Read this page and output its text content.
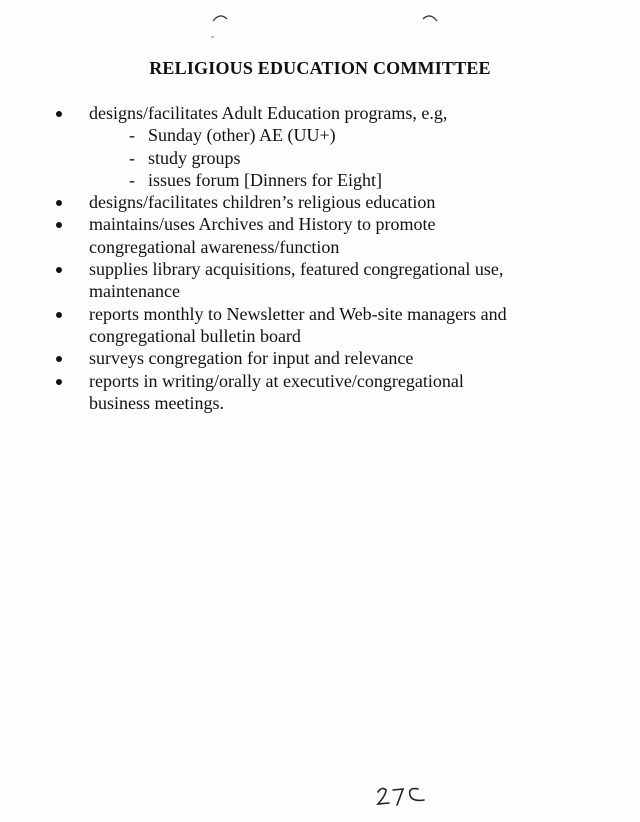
RELIGIOUS EDUCATION COMMITTEE
designs/facilitates Adult Education programs, e.g,
- Sunday (other) AE (UU+)
- study groups
- issues forum [Dinners for Eight]
designs/facilitates children’s religious education
maintains/uses Archives and History to promote
congregational awareness/function
supplies library acquisitions, featured congregational use,
maintenance
reports monthly to Newsletter and Web-site managers and
congregational bulletin board
surveys congregation for input and relevance
reports in writing/orally at executive/congregational
business meetings.
